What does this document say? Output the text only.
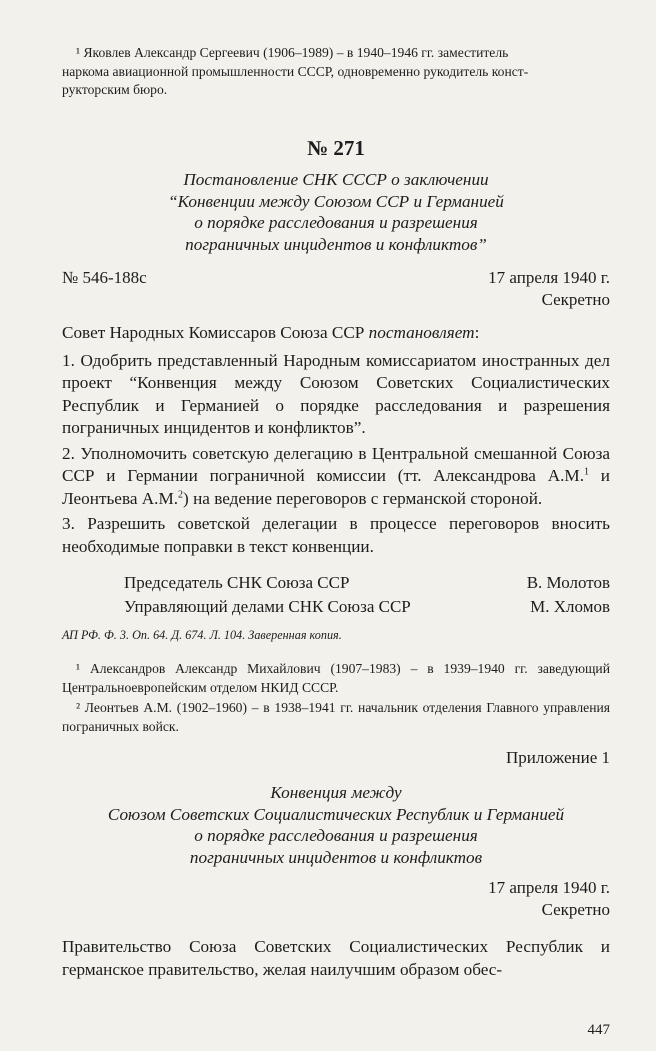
¹ Яковлев Александр Сергеевич (1906–1989) – в 1940–1946 гг. заместитель
наркома авиационной промышленности СССР, одновременно рукодитель конст-
рукторским бюро.
№ 271
Постановление СНК СССР о заключении
“Конвенции между Союзом ССР и Германией
о порядке расследования и разрешения
пограничных инцидентов и конфликтов”
№ 546-188с	17 апреля 1940 г.
Секретно

Совет Народных Комиссаров Союза ССР постановляет:

1. Одобрить представленный Народным комиссариатом иностранных дел проект “Конвенция между Союзом Советских Социалистических Республик и Германией о порядке расследования и разрешения пограничных инцидентов и конфликтов”.

2. Уполномочить советскую делегацию в Центральной смешанной Союза ССР и Германии пограничной комиссии (тт. Александрова А.М.$^1$ и Леонтьева А.М.$^2$) на ведение переговоров с германской стороной.

3. Разрешить советской делегации в процессе переговоров вносить необходимые поправки в текст конвенции.

Председатель СНК Союза ССР	В. Молотов
Управляющий делами СНК Союза ССР	М. Хломов
АП РФ. Ф. 3. Оп. 64. Д. 674. Л. 104. Заверенная копия.
¹ Александров Александр Михайлович (1907–1983) – в 1939–1940 гг. заведующий Центральноевропейским отделом НКИД СССР.
² Леонтьев А.М. (1902–1960) – в 1938–1941 гг. начальник отделения Главного управления пограничных войск.
Приложение 1
Конвенция между
Союзом Советских Социалистических Республик и Германией
о порядке расследования и разрешения
пограничных инцидентов и конфликтов
17 апреля 1940 г.
Секретно

Правительство Союза Советских Социалистических Республик и германское правительство, желая наилучшим образом обес-

447
